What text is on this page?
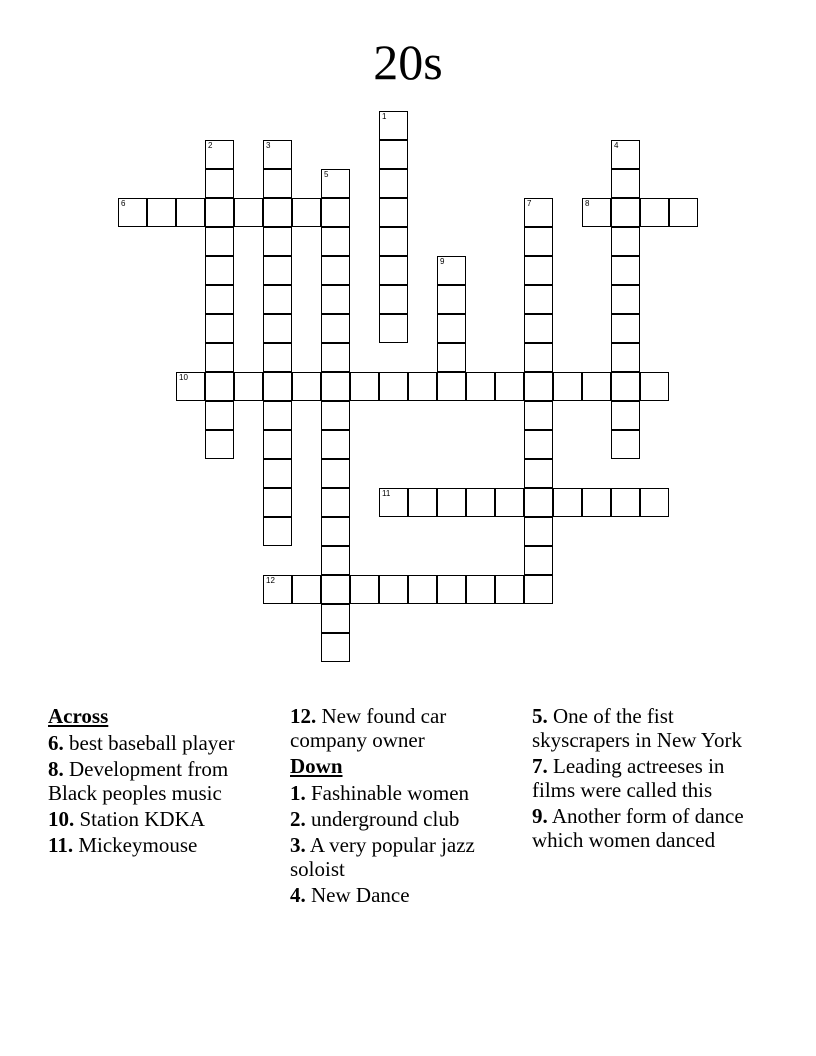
20s
1
2	3	4
5
6	7	8
9
10
11
12
Across
6. best baseball player
8. Development from Black peoples music
10. Station KDKA
11. Mickeymouse
12. New found car company owner
Down
1. Fashinable women
2. underground club
3. A very popular jazz soloist
4. New Dance
5. One of the fist skyscrapers in New York
7. Leading actreeses in films were called this
9. Another form of dance which women danced
